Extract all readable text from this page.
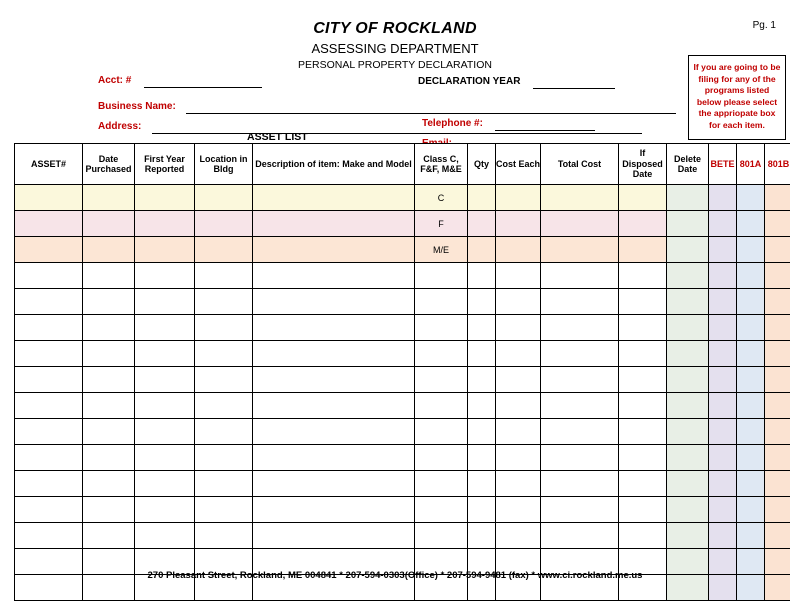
Pg. 1
CITY OF ROCKLAND
ASSESSING DEPARTMENT
PERSONAL PROPERTY DECLARATION
Acct: #	DECLARATION YEAR
Business Name:
Address:	Telephone #:
ASSET LIST
If you are going to be filing for any of the programs listed below please select the appriopate box for each item.
ASSET#	Date Purchased	First Year Reported	Location in Bldg	Description of item: Make and Model	Class C, F&F, M&E	Qty	Cost Each	Total Cost	If Disposed Date	Delete Date	BETE	801A	801B
					C								
					F								
					M/E								

270 Pleasant Street, Rockland, ME 004841 * 207-594-0303(Office) * 207-594-9481 (fax) * www.ci.rockland.me.us
